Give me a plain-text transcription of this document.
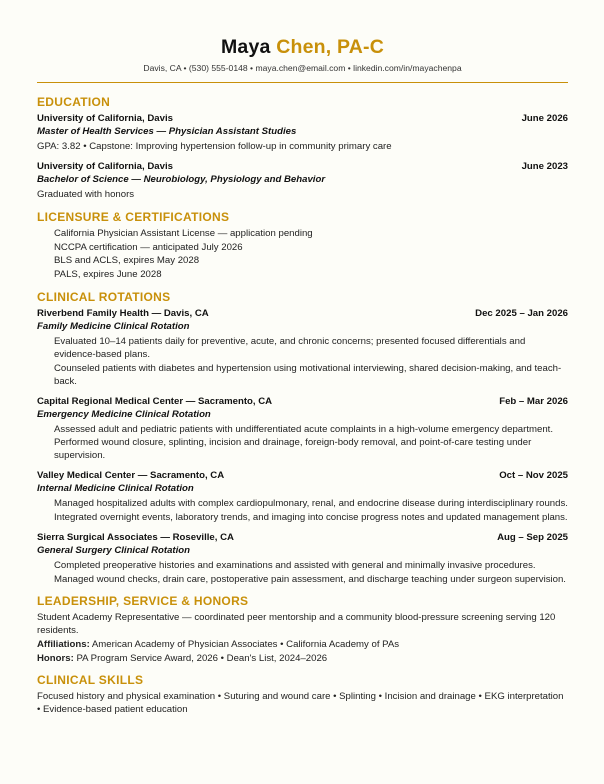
Maya Chen, PA-C
Davis, CA • (530) 555-0148 • maya.chen@email.com • linkedin.com/in/mayachenpa
EDUCATION
University of California, Davis	June 2026
Master of Health Services — Physician Assistant Studies

GPA: 3.82 • Capstone: Improving hypertension follow-up in community primary care

University of California, Davis	June 2023
Bachelor of Science — Neurobiology, Physiology and Behavior

Graduated with honors

LICENSURE & CERTIFICATIONS

California Physician Assistant License — application pending

NCCPA certification — anticipated July 2026

BLS and ACLS, expires May 2028

PALS, expires June 2028

CLINICAL ROTATIONS
Riverbend Family Health — Davis, CA	Dec 2025 – Jan 2026
Family Medicine Clinical Rotation

Evaluated 10–14 patients daily for preventive, acute, and chronic concerns; presented focused differentials and evidence-based plans.

Counseled patients with diabetes and hypertension using motivational interviewing, shared decision-making, and teach-back.

Capital Regional Medical Center — Sacramento, CA	Feb – Mar 2026
Emergency Medicine Clinical Rotation

Assessed adult and pediatric patients with undifferentiated acute complaints in a high-volume emergency department.

Performed wound closure, splinting, incision and drainage, foreign-body removal, and point-of-care testing under supervision.

Valley Medical Center — Sacramento, CA	Oct – Nov 2025
Internal Medicine Clinical Rotation

Managed hospitalized adults with complex cardiopulmonary, renal, and endocrine disease during interdisciplinary rounds.

Integrated overnight events, laboratory trends, and imaging into concise progress notes and updated management plans.

Sierra Surgical Associates — Roseville, CA	Aug – Sep 2025
General Surgery Clinical Rotation

Completed preoperative histories and examinations and assisted with general and minimally invasive procedures.

Managed wound checks, drain care, postoperative pain assessment, and discharge teaching under surgeon supervision.

LEADERSHIP, SERVICE & HONORS

Student Academy Representative — coordinated peer mentorship and a community blood-pressure screening serving 120 residents.

Affiliations: American Academy of Physician Associates • California Academy of PAs

Honors: PA Program Service Award, 2026 • Dean's List, 2024–2026

CLINICAL SKILLS

Focused history and physical examination • Suturing and wound care • Splinting • Incision and drainage • EKG interpretation • Evidence-based patient education
